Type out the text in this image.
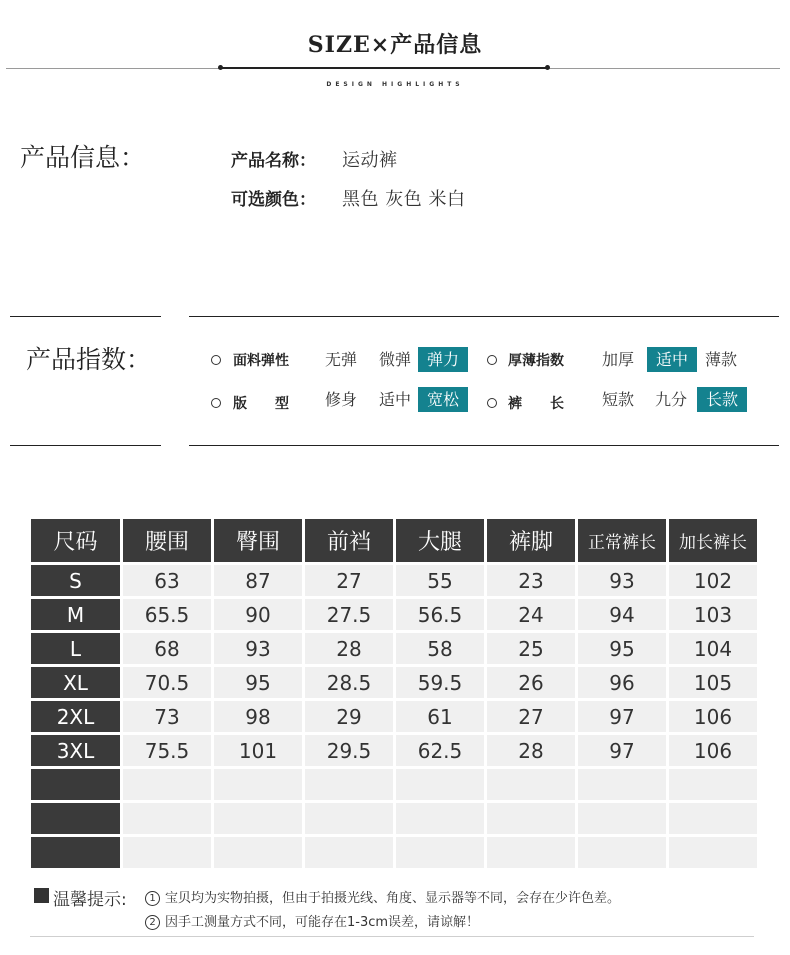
SIZE×产品信息
DESIGN HIGHLIGHTS
产品信息：	产品名称： 运动裤
可选颜色： 黑色 灰色 米白
产品指数：	面料弹性	无弹	微弹 弹力	厚薄指数	加厚	适中	薄款
版　　型	修身	适中 宽松	裤　　长	短款	九分	长款
尺码	腰围	臀围	前裆	大腿	裤脚	正常裤长	加长裤长
S	63	87	27	55	23	93	102
M	65.5	90	27.5	56.5	24	94	103
L	68	93	28	58	25	95	104
XL	70.5	95	28.5	59.5	26	96	105
2XL	73	98	29	61	27	97	106
3XL	75.5	101	29.5	62.5	28	97	106
温馨提示:	1 宝贝均为实物拍摄，但由于拍摄光线、角度、显示器等不同，会存在少许色差。
2 因手工测量方式不同，可能存在1-3cm误差，请谅解！
